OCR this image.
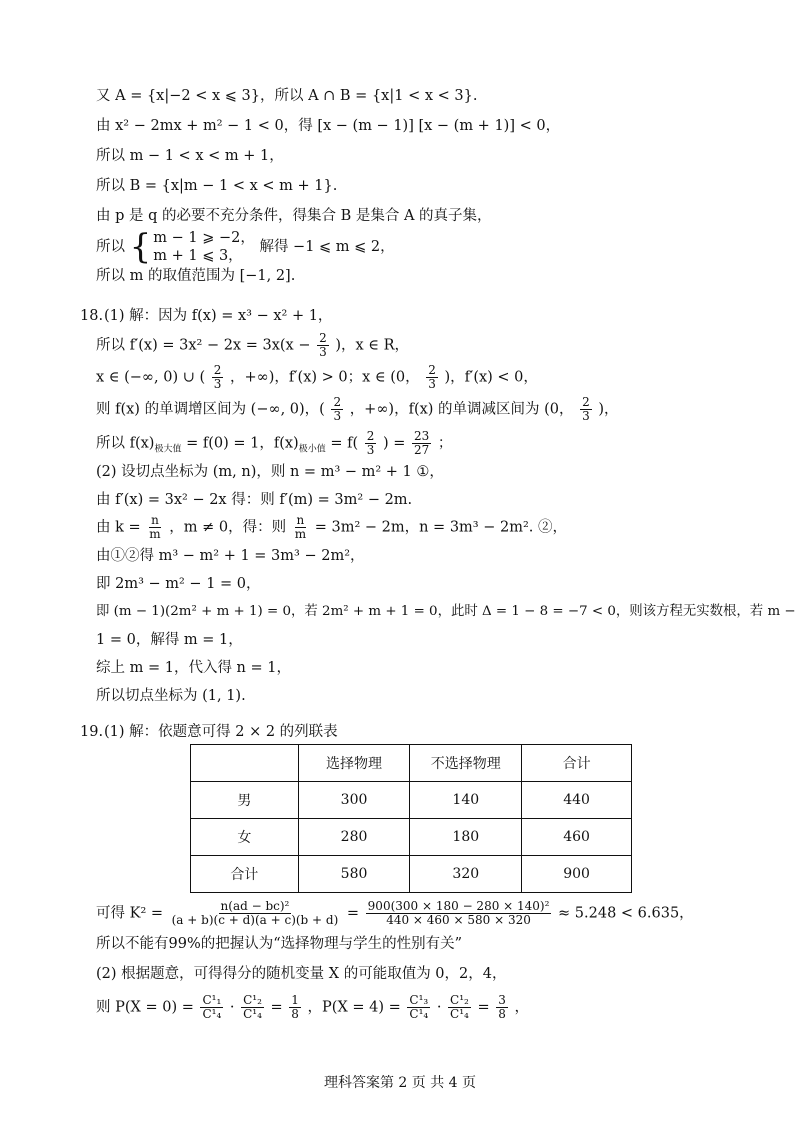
又 A = {x|−2 < x ⩽ 3}，所以 A ∩ B = {x|1 < x < 3}.
由 x² − 2mx + m² − 1 < 0，得 [x − (m − 1)] [x − (m + 1)] < 0，
所以 m − 1 < x < m + 1，
所以 B = {x|m − 1 < x < m + 1}.
由 p 是 q 的必要不充分条件，得集合 B 是集合 A 的真子集，
所以 { m − 1 ⩾ −2，
m + 1 ⩽ 3，
解得 −1 ⩽ m ⩽ 2，
所以 m 的取值范围为 [−1, 2].
18. (1) 解：因为 f(x) = x³ − x² + 1，
所以 $f'(x) = 3x^2 - 2x = 3x(x - \frac{2}{3}$ )，x ∈ R，
x ∈ (−∞, 0) ∪ ( $\frac{2}{3}$ ，+∞)，f′(x) > 0；x ∈ (0， $\frac{2}{3}$ )，f′(x) < 0，
则 f(x) 的单调增区间为 (−∞, 0)，( $\frac{2}{3}$ ，+∞)，f(x) 的单调减区间为 (0， $\frac{2}{3}$ )，
所以 $f(x)_{极大值} = f(0) = 1$，$f(x)_{极小值} = f( \frac{2}{3}$ ) = $\frac{23}{27}$ ；
(2) 设切点坐标为 (m, n)，则 n = m³ − m² + 1 ①，
由 f′(x) = 3x² − 2x 得：则 f′(m) = 3m² − 2m.
由 $k = \frac{n}{m}$ ，m ≠ 0，得：则 $\frac{n}{m} = 3m^2 - 2m$，n = 3m³ − 2m². ②，
由①②得 m³ − m² + 1 = 3m³ − 2m²，
即 2m³ − m² − 1 = 0，
即 (m − 1)(2m² + m + 1) = 0，若 2m² + m + 1 = 0，此时 Δ = 1 − 8 = −7 < 0，则该方程无实数根，若 m −
1 = 0，解得 m = 1，
综上 m = 1，代入得 n = 1，
所以切点坐标为 (1, 1).
19. (1) 解：依题意可得 2 × 2 的列联表
	选择物理	不选择物理	合计
男	300	140	440
女	280	180	460
合计	580	320	900
可得 $K^2 = \frac{\text{n(ad − bc)²}}{(a + b)(c + d)(a + c)(b + d)} = \frac{\text{900(300 × 180 − 280 × 140)²}}{440 \times 460 \times 580 \times 320} \approx 5.248 < 6.635$，
所以不能有99%的把握认为“选择物理与学生的性别有关”
(2) 根据题意，可得得分的随机变量 X 的可能取值为 0，2，4，
则 $P(X = 0) = \frac{\text{C¹₁}}{\text{C¹₄}} \cdot \frac{\text{C¹₂}}{\text{C¹₄}} = \frac{1}{8}$ ，$P(X = 4) = \frac{\text{C¹₃}}{\text{C¹₄}} \cdot \frac{\text{C¹₂}}{\text{C¹₄}} = \frac{3}{8}$ ，
理科答案第 2 页 共 4 页
